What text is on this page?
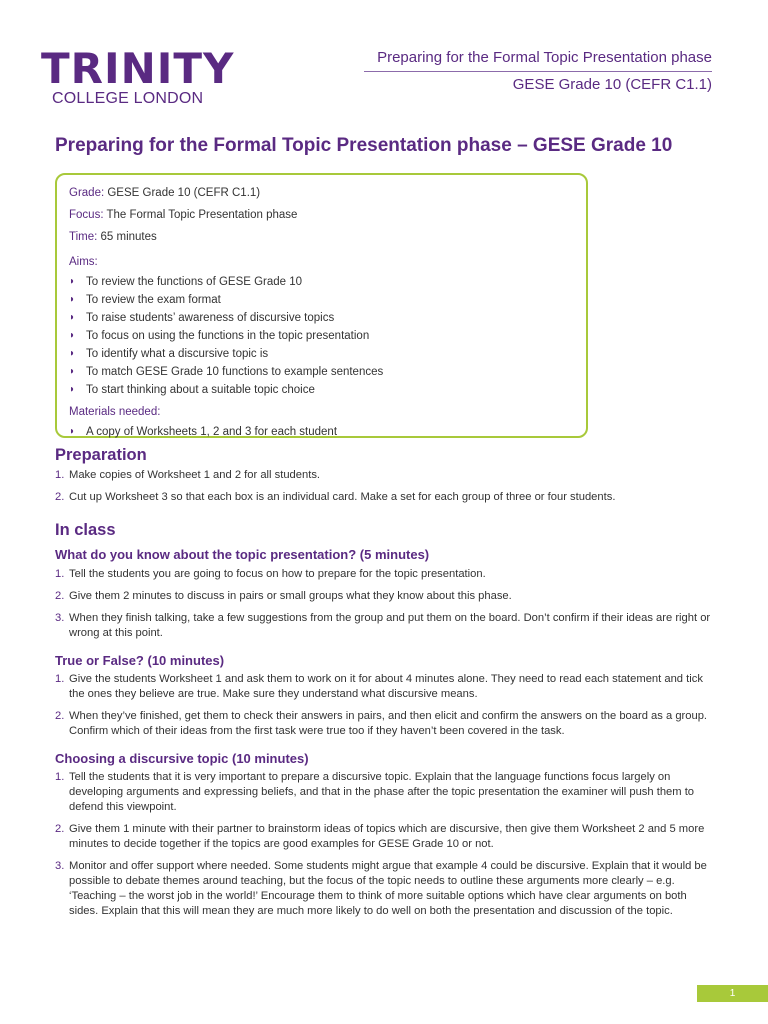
TRINITY
COLLEGE LONDON
Preparing for the Formal Topic Presentation phase
GESE Grade 10 (CEFR C1.1)
Preparing for the Formal Topic Presentation phase – GESE Grade 10

Grade: GESE Grade 10 (CEFR C1.1)

Focus: The Formal Topic Presentation phase

Time: 65 minutes

Aims:

◗ To review the functions of GESE Grade 10
◗ To review the exam format
◗ To raise students’ awareness of discursive topics
◗ To focus on using the functions in the topic presentation
◗ To identify what a discursive topic is
◗ To match GESE Grade 10 functions to example sentences
◗ To start thinking about a suitable topic choice

Materials needed:

◗ A copy of Worksheets 1, 2 and 3 for each student
Preparation
1. Make copies of Worksheet 1 and 2 for all students.
2. Cut up Worksheet 3 so that each box is an individual card. Make a set for each group of three or four students.
In class
What do you know about the topic presentation? (5 minutes)
1. Tell the students you are going to focus on how to prepare for the topic presentation.
2. Give them 2 minutes to discuss in pairs or small groups what they know about this phase.
3. When they finish talking, take a few suggestions from the group and put them on the board. Don’t confirm if their ideas are right or wrong at this point.
True or False? (10 minutes)
1. Give the students Worksheet 1 and ask them to work on it for about 4 minutes alone. They need to read each statement and tick the ones they believe are true. Make sure they understand what discursive means.
2. When they’ve finished, get them to check their answers in pairs, and then elicit and confirm the answers on the board as a group. Confirm which of their ideas from the first task were true too if they haven’t been covered in the task.
Choosing a discursive topic (10 minutes)
1. Tell the students that it is very important to prepare a discursive topic. Explain that the language functions focus largely on developing arguments and expressing beliefs, and that in the phase after the topic presentation the examiner will push them to defend this viewpoint.
2. Give them 1 minute with their partner to brainstorm ideas of topics which are discursive, then give them Worksheet 2 and 5 more minutes to decide together if the topics are good examples for GESE Grade 10 or not.
3. Monitor and offer support where needed. Some students might argue that example 4 could be discursive. Explain that it would be possible to debate themes around teaching, but the focus of the topic needs to outline these arguments more clearly – e.g. ‘Teaching – the worst job in the world!’ Encourage them to think of more suitable options which have clear arguments on both sides. Explain that this will mean they are much more likely to do well on both the presentation and discussion of the topic.
1
